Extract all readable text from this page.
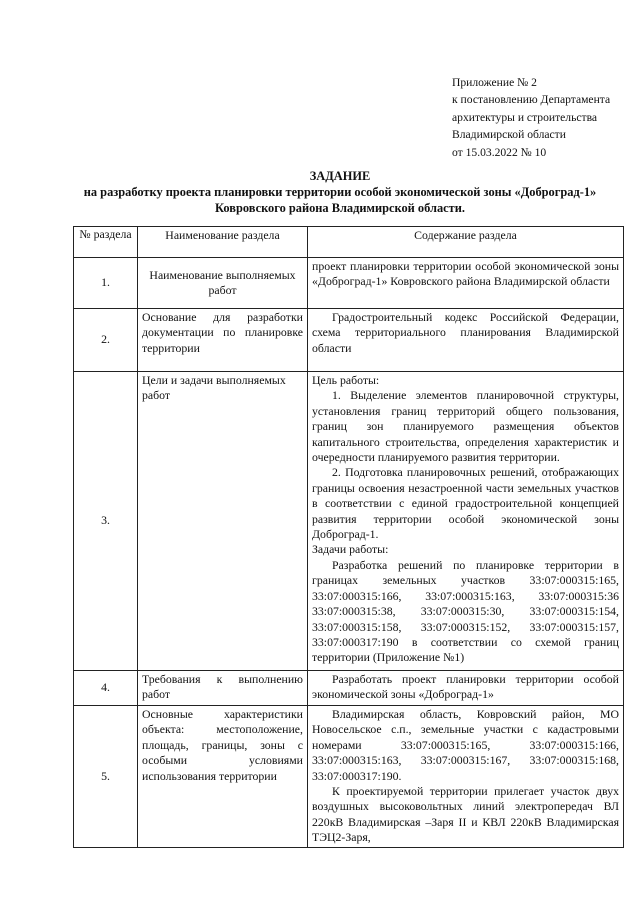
Приложение № 2
к постановлению Департамента
архитектуры и строительства
Владимирской области
от 15.03.2022 № 10
ЗАДАНИЕ
на разработку проекта планировки территории особой экономической зоны «Доброград-1»
Ковровского района Владимирской области.
№ раздела	Наименование раздела	Содержание раздела
1.	Наименование выполняемых работ	проект планировки территории особой экономической зоны «Доброград-1» Ковровского района Владимирской области
2.	Основание для разработки документации по планировке территории	Градостроительный кодекс Российской Федерации, схема территориального планирования Владимирской области
3.	Цели и задачи выполняемых работ	Цель работы:

1. Выделение элементов планировочной структуры, установления границ территорий общего пользования, границ зон планируемого размещения объектов капитального строительства, определения характеристик и очередности планируемого развития территории.

2. Подготовка планировочных решений, отображающих границы освоения незастроенной части земельных участков в соответствии с единой градостроительной концепцией развития территории особой экономической зоны Доброград-1.

Задачи работы:

Разработка решений по планировке территории в границах земельных участков 33:07:000315:165, 33:07:000315:166, 33:07:000315:163, 33:07:000315:36 33:07:000315:38, 33:07:000315:30, 33:07:000315:154, 33:07:000315:158, 33:07:000315:152, 33:07:000315:157, 33:07:000317:190 в соответствии со схемой границ территории (Приложение №1)

4.	Требования к выполнению работ	Разработать проект планировки территории особой экономической зоны «Доброград-1»
5.	Основные характеристики объекта: местоположение, площадь, границы, зоны с особыми условиями использования территории	Владимирская область, Ковровский район, МО Новосельское с.п., земельные участки с кадастровыми номерами 33:07:000315:165, 33:07:000315:166, 33:07:000315:163, 33:07:000315:167, 33:07:000315:168, 33:07:000317:190.

К проектируемой территории прилегает участок двух воздушных высоковольтных линий электропередач ВЛ 220кВ Владимирская –Заря II и КВЛ 220кВ Владимирская ТЭЦ2-Заря,
